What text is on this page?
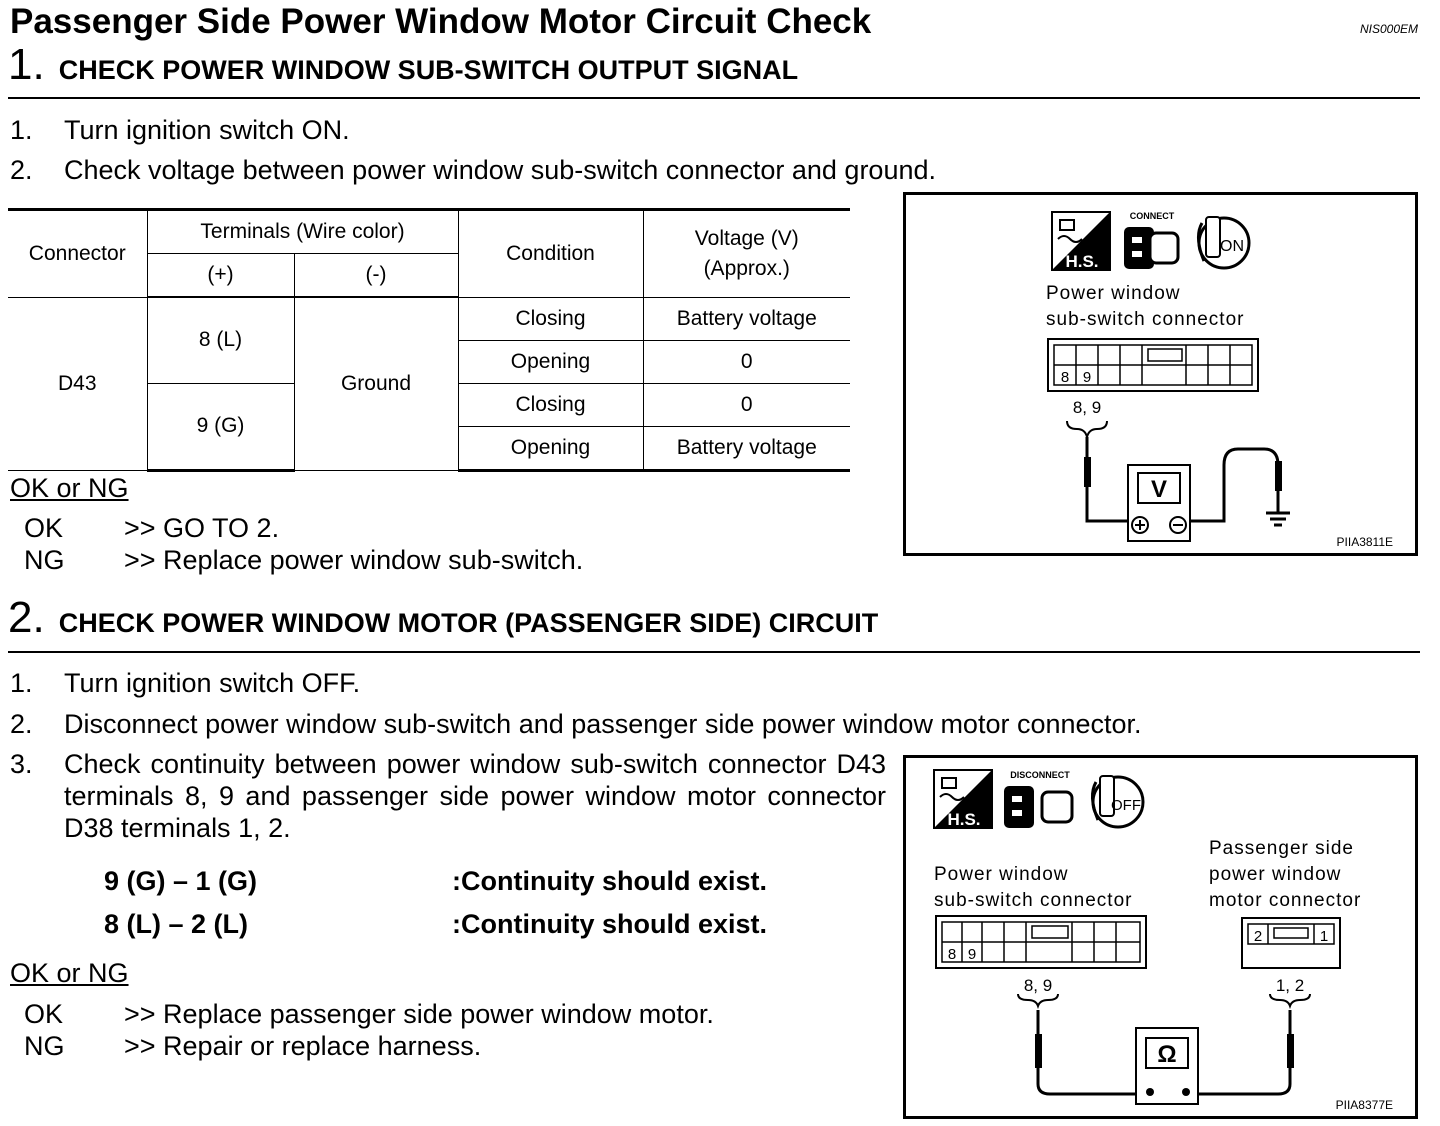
Passenger Side Power Window Motor Circuit Check	NIS000EM
1. CHECK POWER WINDOW SUB-SWITCH OUTPUT SIGNAL
1. Turn ignition switch ON.
2. Check voltage between power window sub-switch connector and ground.
Connector	Terminals (Wire color)		Condition	Voltage (V)
(Approx.)
	(+)	(-)		
D43	8 (L)	Ground	Closing	Battery voltage
			Opening	0
	9 (G)		Closing	0
			Opening	Battery voltage
OK or NG
OK >> GO TO 2.
NG >> Replace power window sub-switch.
H.S.
CONNECT
ON
8 9
8, 9
V
Power window
sub-switch connector
PIIA3811E
2. CHECK POWER WINDOW MOTOR (PASSENGER SIDE) CIRCUIT
1. Turn ignition switch OFF.
2. Disconnect power window sub-switch and passenger side power window motor connector.
3. Check continuity between power window sub-switch connector D43 terminals 8, 9 and passenger side power window motor connector D38 terminals 1, 2.
9 (G) – 1 (G)	:Continuity should exist.
8 (L) – 2 (L)	:Continuity should exist.
OK or NG
OK >> Replace passenger side power window motor.
NG >> Repair or replace harness.
H.S.
DISCONNECT
OFF
8 9
2	1
8, 9	1, 2
Ω
Power window
sub-switch connector
Passenger side
power window
motor connector
PIIA8377E
